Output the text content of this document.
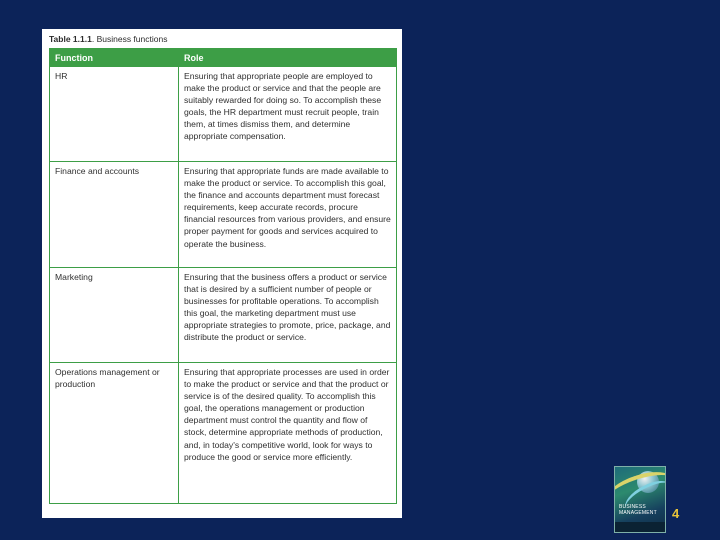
Table 1.1.1. Business functions
Function	Role
HR	Ensuring that appropriate people are employed to make the product or service and that the people are suitably rewarded for doing so. To accomplish these goals, the HR department must recruit people, train them, at times dismiss them, and determine appropriate compensation.
Finance and accounts	Ensuring that appropriate funds are made available to make the product or service. To accomplish this goal, the finance and accounts department must forecast requirements, keep accurate records, procure financial resources from various providers, and ensure proper payment for goods and services acquired to operate the business.
Marketing	Ensuring that the business offers a product or service that is desired by a sufficient number of people or businesses for profitable operations. To accomplish this goal, the marketing department must use appropriate strategies to promote, price, package, and distribute the product or service.
Operations management or production	Ensuring that appropriate processes are used in order to make the product or service and that the product or service is of the desired quality. To accomplish this goal, the operations management or production department must control the quantity and flow of stock, determine appropriate methods of production, and, in today's competitive world, look for ways to produce the good or service more efficiently.
BUSINESS MANAGEMENT	4
